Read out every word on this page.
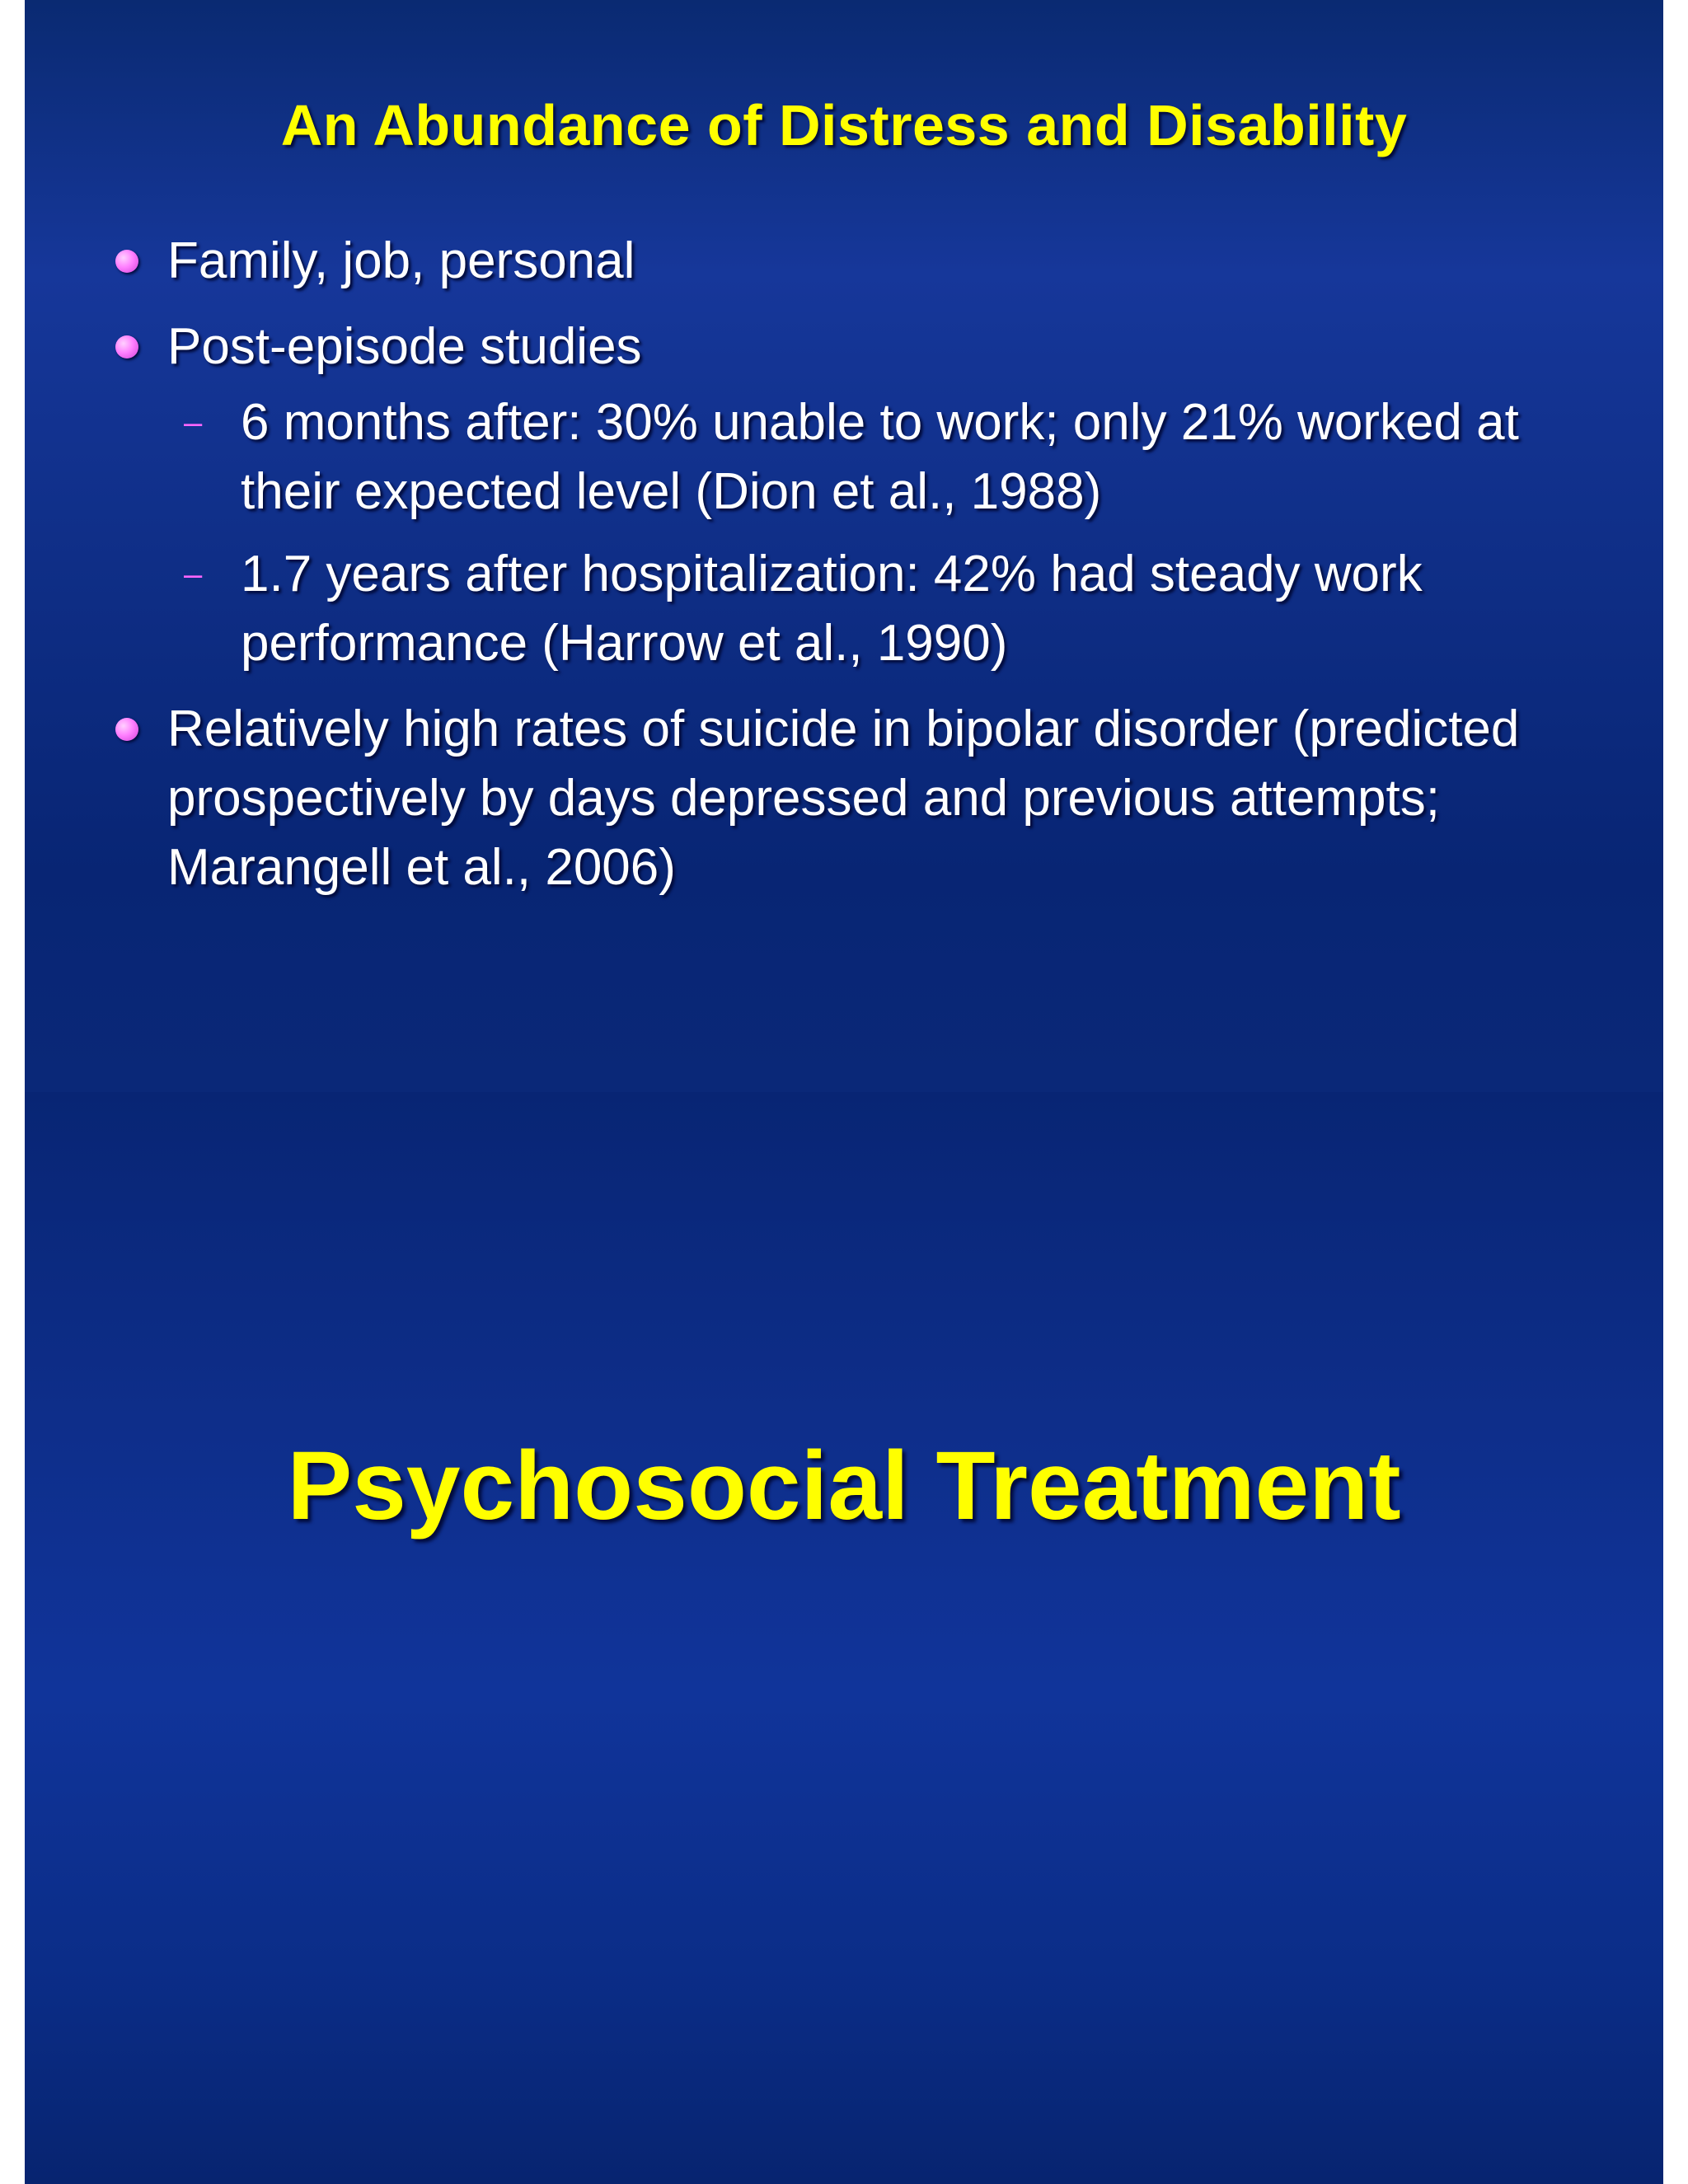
An Abundance of Distress and Disability
Family, job, personal
Post-episode studies
– 6 months after: 30% unable to work; only 21% worked at their expected level (Dion et al., 1988)
– 1.7 years after hospitalization: 42% had steady work performance (Harrow et al., 1990)
Relatively high rates of suicide in bipolar disorder (predicted prospectively by days depressed and previous attempts; Marangell et al., 2006)
Psychosocial Treatment
